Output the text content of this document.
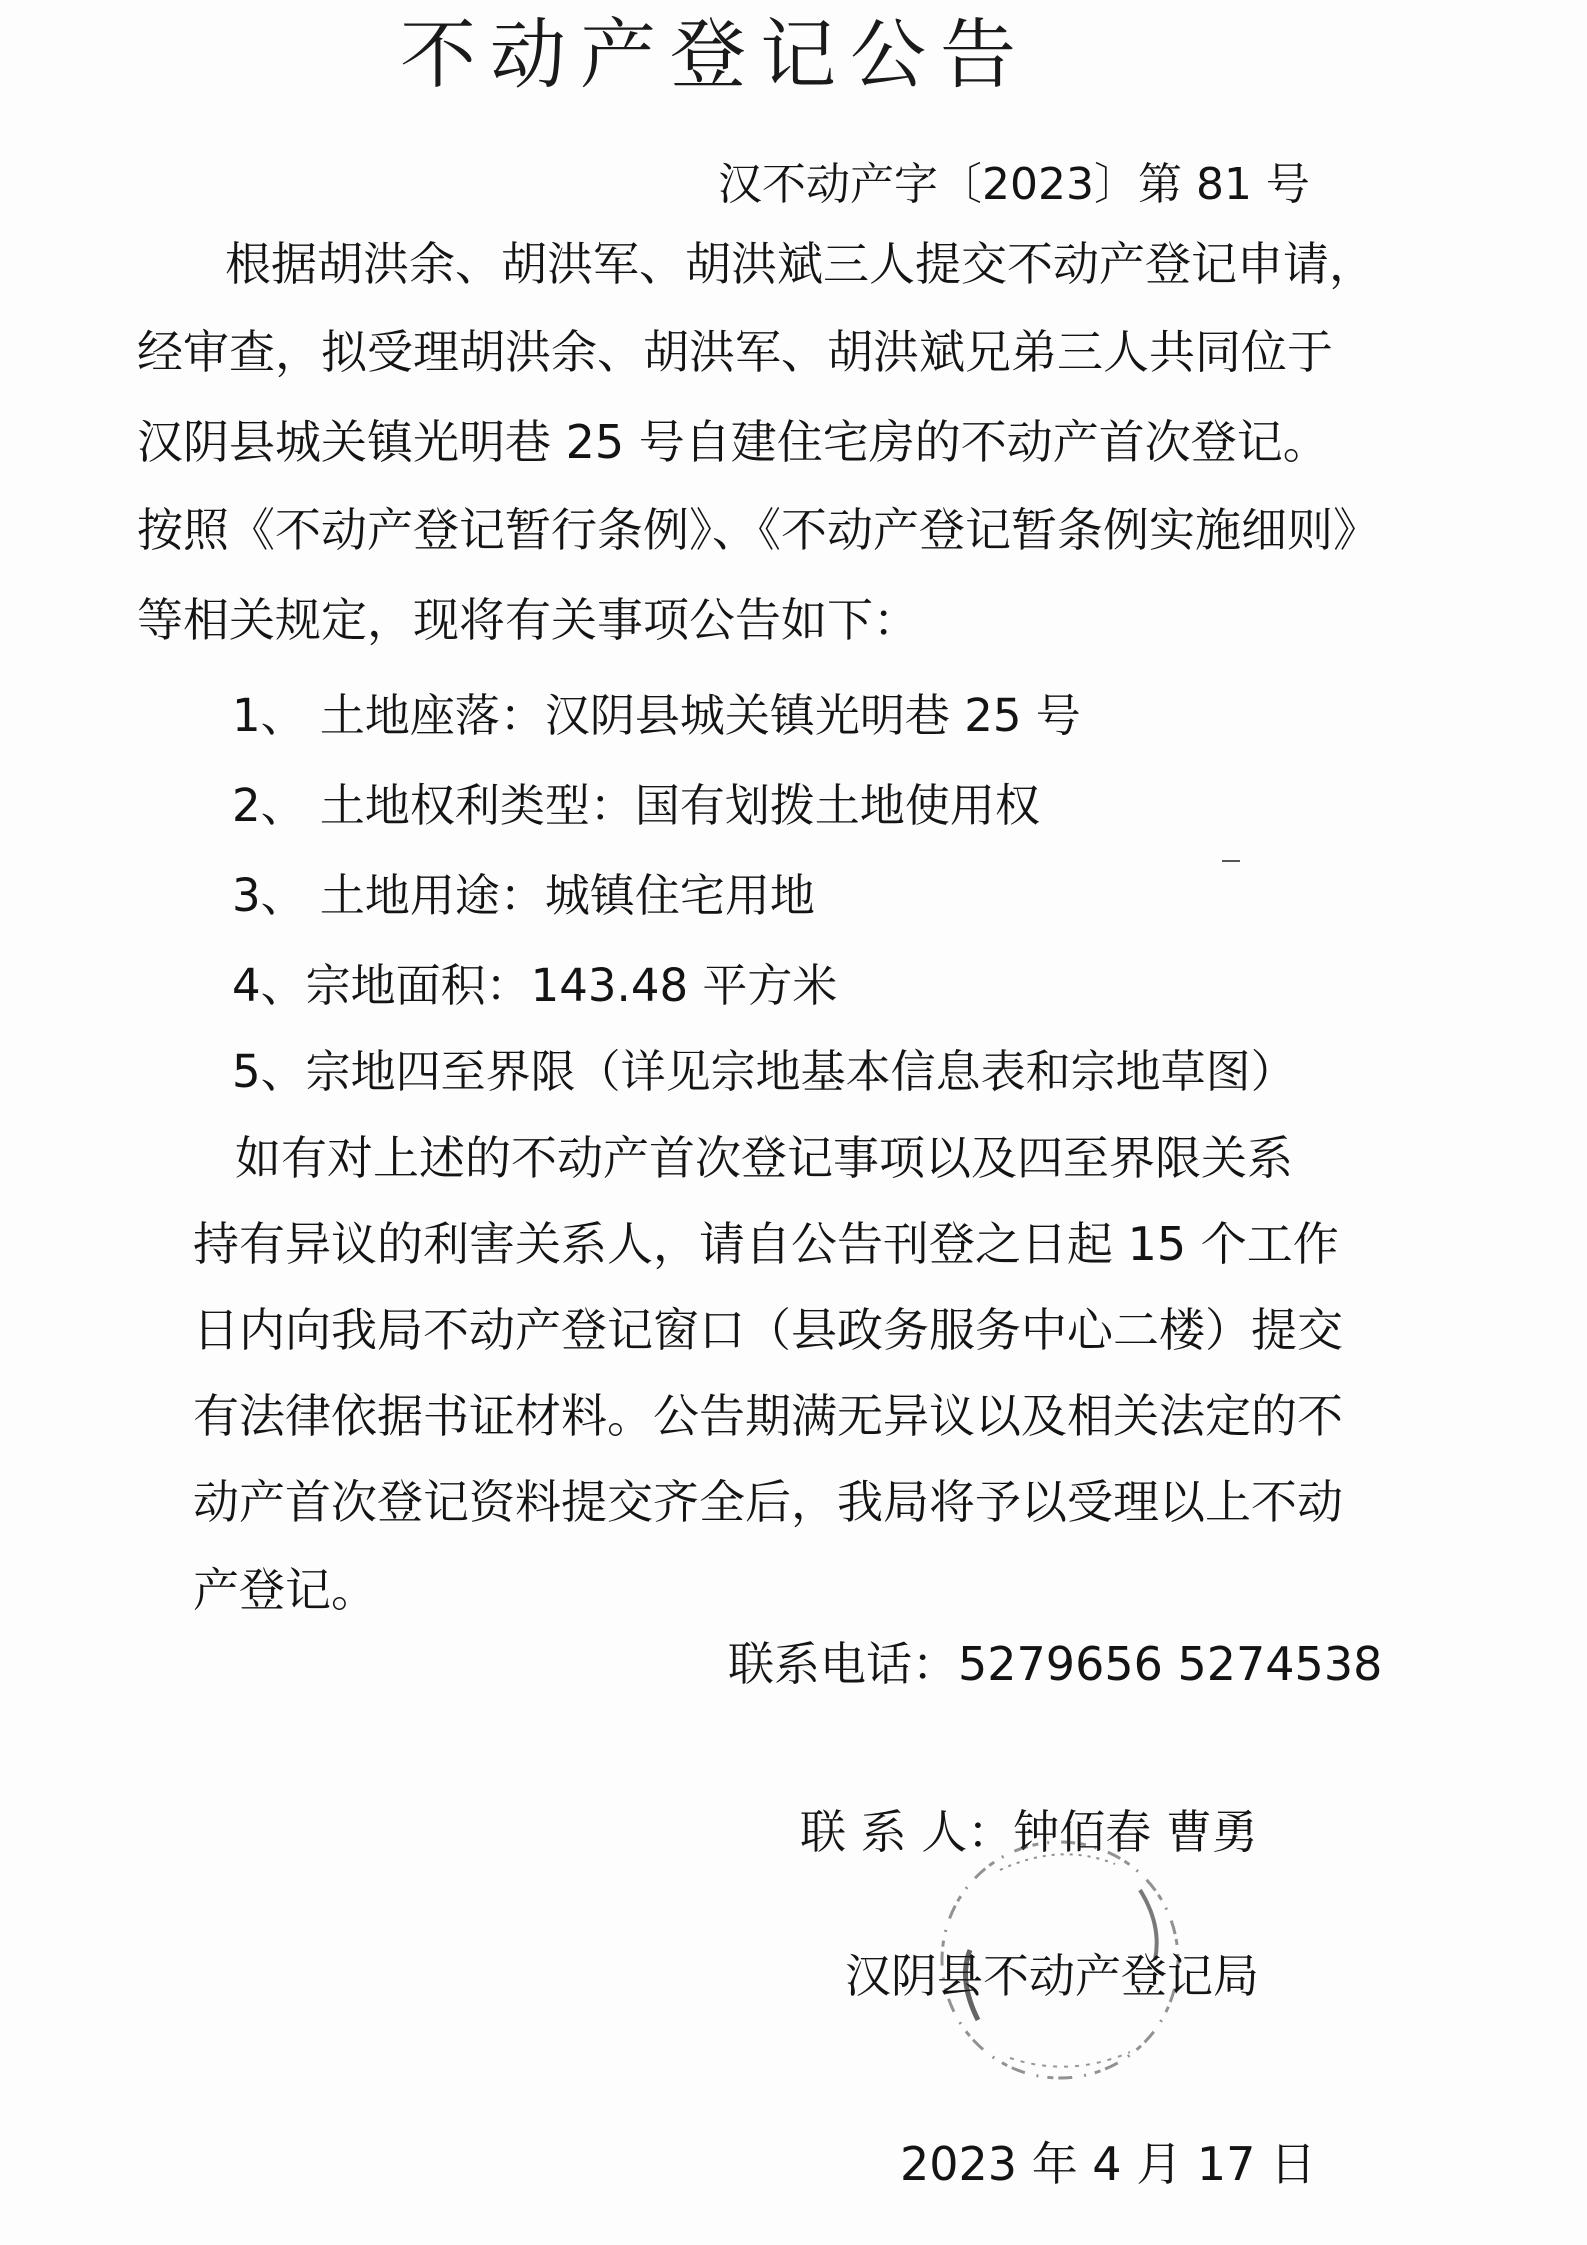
不动产登记公告
汉不动产字〔2023〕第 81 号
根据胡洪余、胡洪军、胡洪斌三人提交不动产登记申请，
经审查，拟受理胡洪余、胡洪军、胡洪斌兄弟三人共同位于
汉阴县城关镇光明巷 25 号自建住宅房的不动产首次登记。
按照《不动产登记暂行条例》、《不动产登记暂条例实施细则》
等相关规定，现将有关事项公告如下：
1、 土地座落：汉阴县城关镇光明巷 25 号
2、 土地权利类型：国有划拨土地使用权
3、 土地用途：城镇住宅用地
4、宗地面积：143.48 平方米
5、宗地四至界限（详见宗地基本信息表和宗地草图）
如有对上述的不动产首次登记事项以及四至界限关系
持有异议的利害关系人，请自公告刊登之日起 15 个工作
日内向我局不动产登记窗口（县政务服务中心二楼）提交
有法律依据书证材料。公告期满无异议以及相关法定的不
动产首次登记资料提交齐全后，我局将予以受理以上不动
产登记。
联系电话：5279656 5274538
联 系 人：钟佰春 曹勇
汉阴县不动产登记局
2023 年 4 月 17 日
